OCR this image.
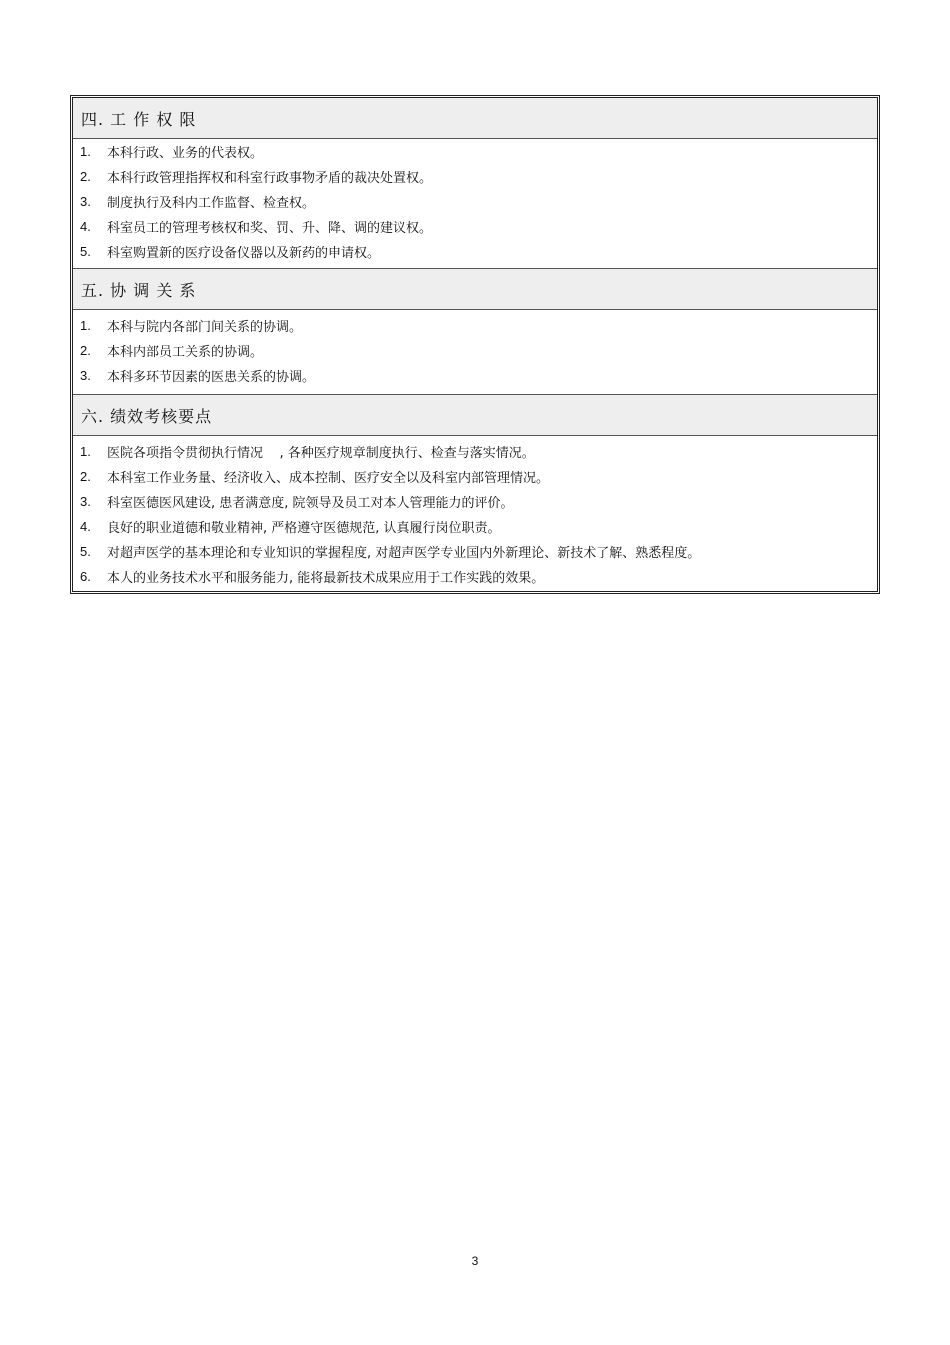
四. 工 作 权 限
1.	本科行政、业务的代表权。
2.	本科行政管理指挥权和科室行政事物矛盾的裁决处置权。
3.	制度执行及科内工作监督、检查权。
4.	科室员工的管理考核权和奖、罚、升、降、调的建议权。
5.	科室购置新的医疗设备仪器以及新药的申请权。
五. 协 调 关 系
1.	本科与院内各部门间关系的协调。
2.	本科内部员工关系的协调。
3.	本科多环节因素的医患关系的协调。
六. 绩效考核要点
1.	医院各项指令贯彻执行情况    , 各种医疗规章制度执行、检查与落实情况。
2.	本科室工作业务量、经济收入、成本控制、医疗安全以及科室内部管理情况。
3.	科室医德医风建设, 患者满意度, 院领导及员工对本人管理能力的评价。
4.	良好的职业道德和敬业精神, 严格遵守医德规范, 认真履行岗位职责。
5.	对超声医学的基本理论和专业知识的掌握程度, 对超声医学专业国内外新理论、新技术了解、熟悉程度。
6.	本人的业务技术水平和服务能力, 能将最新技术成果应用于工作实践的效果。
3
